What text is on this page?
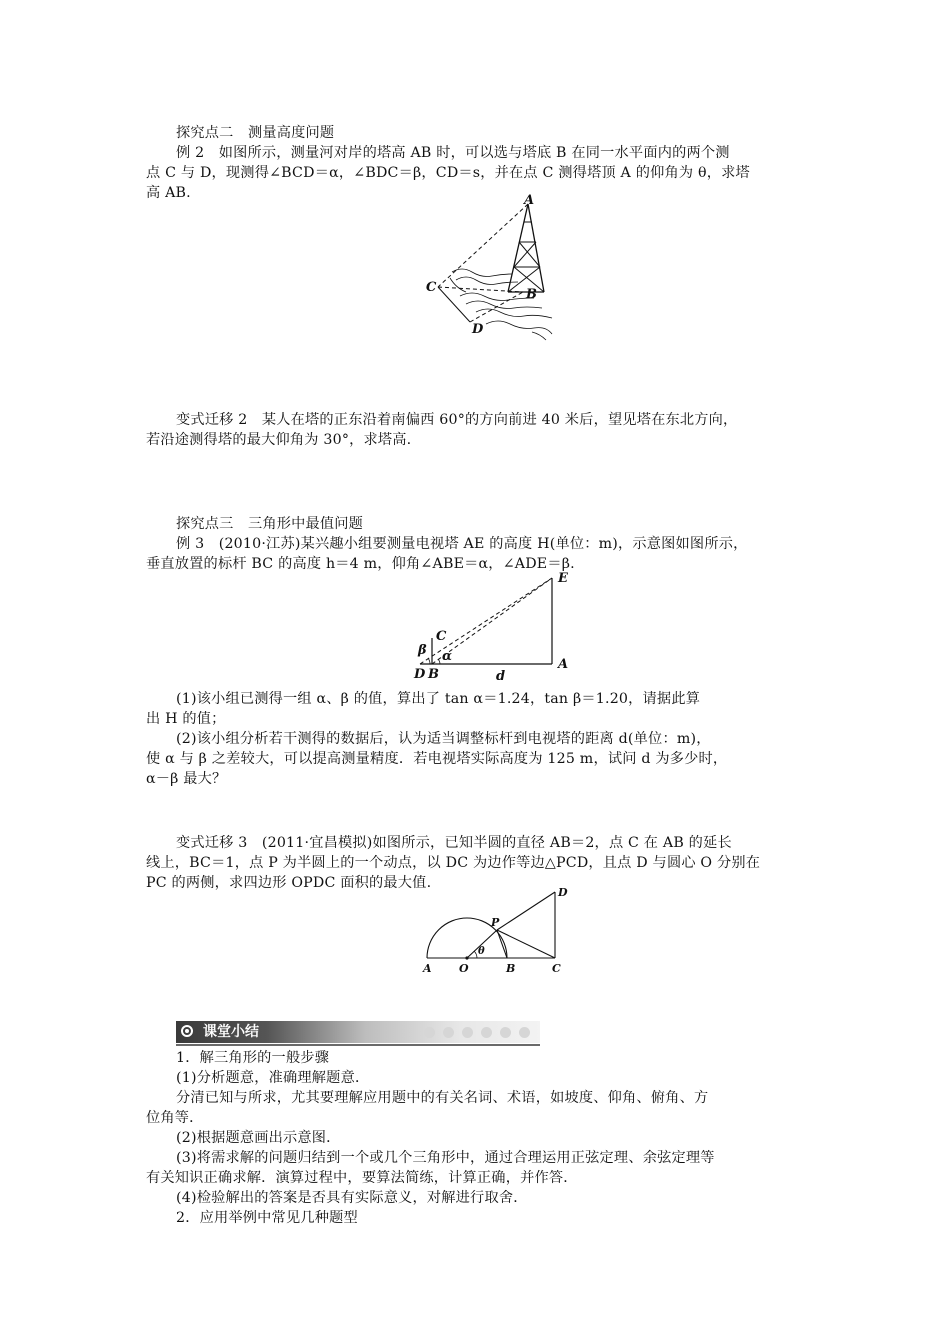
探究点二　测量高度问题
例 2　如图所示，测量河对岸的塔高 AB 时，可以选与塔底 B 在同一水平面内的两个测
点 C 与 D，现测得∠BCD＝α，∠BDC＝β，CD＝s，并在点 C 测得塔顶 A 的仰角为 θ，求塔
高 AB.	A
B
C
D
变式迁移 2　某人在塔的正东沿着南偏西 60°的方向前进 40 米后，望见塔在东北方向，
若沿途测得塔的最大仰角为 30°，求塔高.
探究点三　三角形中最值问题
例 3　(2010·江苏)某兴趣小组要测量电视塔 AE 的高度 H(单位：m)，示意图如图所示，
垂直放置的标杆 BC 的高度 h＝4 m，仰角∠ABE＝α，∠ADE＝β.
E
C
β α
D B	d
A
(1)该小组已测得一组 α、β 的值，算出了 tan α＝1.24，tan β＝1.20，请据此算
出 H 的值；
(2)该小组分析若干测得的数据后，认为适当调整标杆到电视塔的距离 d(单位：m)，
使 α 与 β 之差较大，可以提高测量精度．若电视塔实际高度为 125 m，试问 d 为多少时，
α－β 最大？
变式迁移 3　(2011·宜昌模拟)如图所示，已知半圆的直径 AB＝2，点 C 在 AB 的延长
线上，BC＝1，点 P 为半圆上的一个动点，以 DC 为边作等边△PCD，且点 D 与圆心 O 分别在
PC 的两侧，求四边形 OPDC 面积的最大值.
D
P
θ
A O	B	C
课堂小结
1．解三角形的一般步骤
(1)分析题意，准确理解题意．
分清已知与所求，尤其要理解应用题中的有关名词、术语，如坡度、仰角、俯角、方
位角等．
(2)根据题意画出示意图．
(3)将需求解的问题归结到一个或几个三角形中，通过合理运用正弦定理、余弦定理等
有关知识正确求解．演算过程中，要算法简练，计算正确，并作答．
(4)检验解出的答案是否具有实际意义，对解进行取舍．
2．应用举例中常见几种题型
